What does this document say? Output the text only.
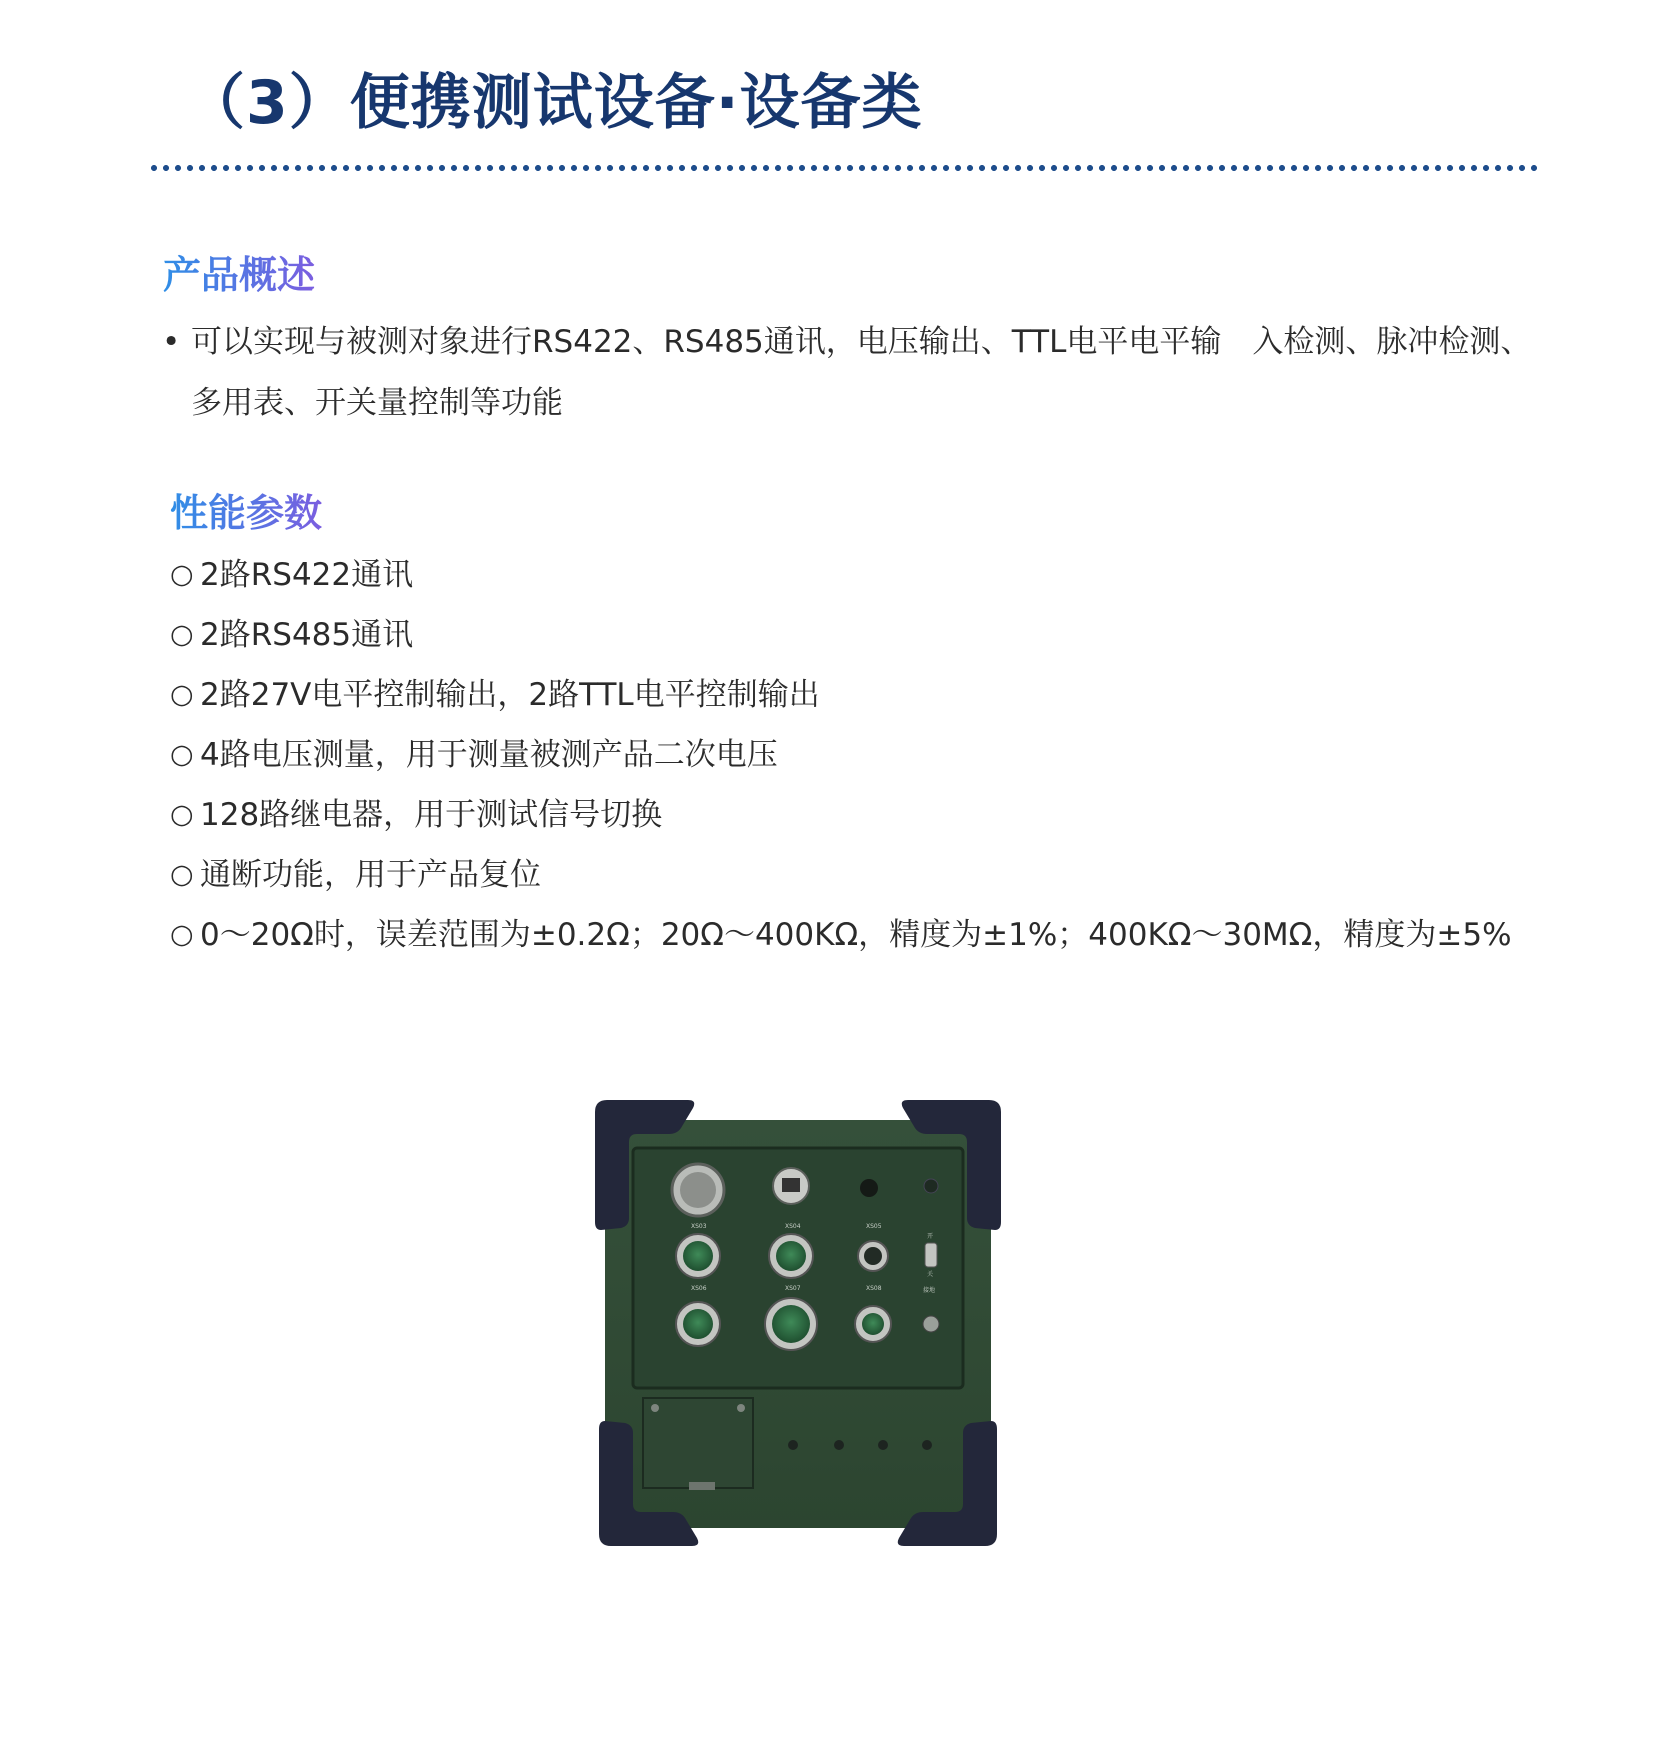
（3）便携测试设备·设备类
产品概述
• 可以实现与被测对象进行RS422、RS485通讯，电压输出、TTL电平电平输　入检测、脉冲检测、多用表、开关量控制等功能
性能参数
○ 2路RS422通讯
○ 2路RS485通讯
○ 2路27V电平控制输出，2路TTL电平控制输出
○ 4路电压测量，用于测量被测产品二次电压
○ 128路继电器，用于测试信号切换
○ 通断功能，用于产品复位
○ 0～20Ω时，误差范围为±0.2Ω；20Ω～400KΩ，精度为±1%；400KΩ～30MΩ，精度为±5%
XS03	XS04	XS05
XS06	XS07	XS08
开
关
接地
